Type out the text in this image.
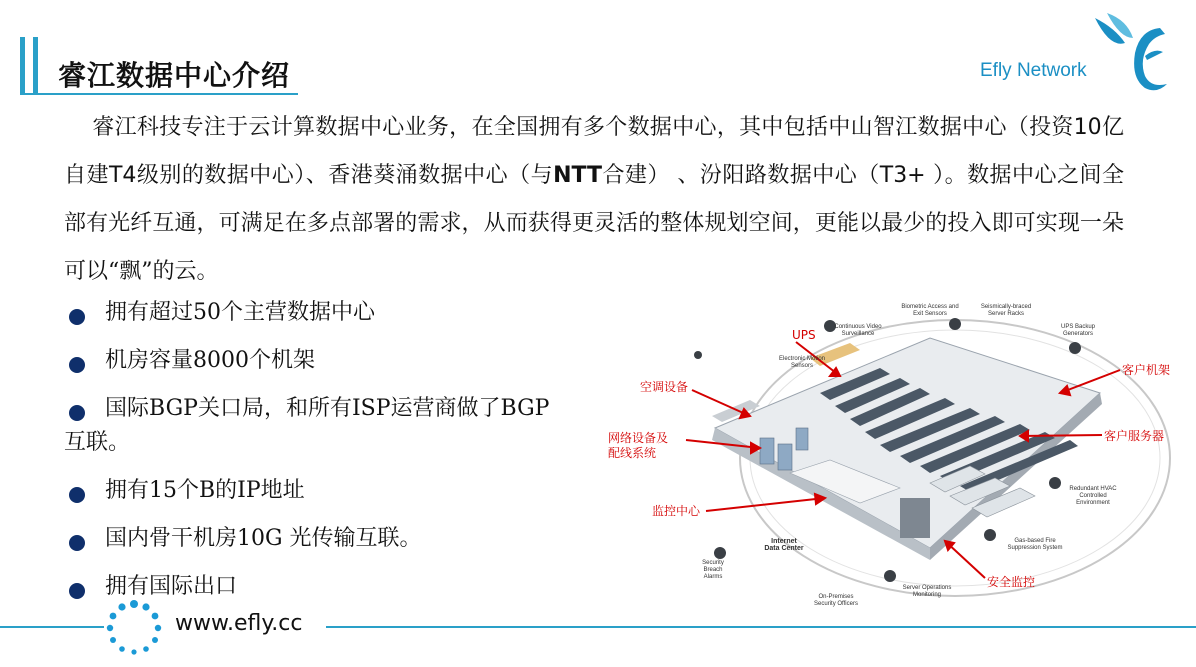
睿江数据中心介绍	Efly Network
睿江科技专注于云计算数据中心业务，在全国拥有多个数据中心，其中包括中山智江数据中心（投资10亿自建T4级别的数据中心）、香港葵涌数据中心（与NTT合建） 、汾阳路数据中心（T3+ ）。数据中心之间全部有光纤互通，可满足在多点部署的需求，从而获得更灵活的整体规划空间，更能以最少的投入即可实现一朵可以“飘”的云。
拥有超过50个主营数据中心
机房容量8000个机架
国际BGP关口局，和所有ISP运营商做了BGP互联。
拥有15个B的IP地址
国内骨干机房10G 光传输互联。
拥有国际出口
UPS
空调设备
网络设备及
配线系统
监控中心
客户机架
客户服务器
安全监控
Biometric Access and Exit Sensors
Seismically-braced Server Racks
Continuous Video Surveillance
UPS Backup Generators
Electronic Motion Sensors
Redundant HVAC Controlled Environment
Gas-based Fire Suppression System
Internet Data Center
Security Breach Alarms
Server Operations Monitoring
On-Premises Security Officers
www.efly.cc
